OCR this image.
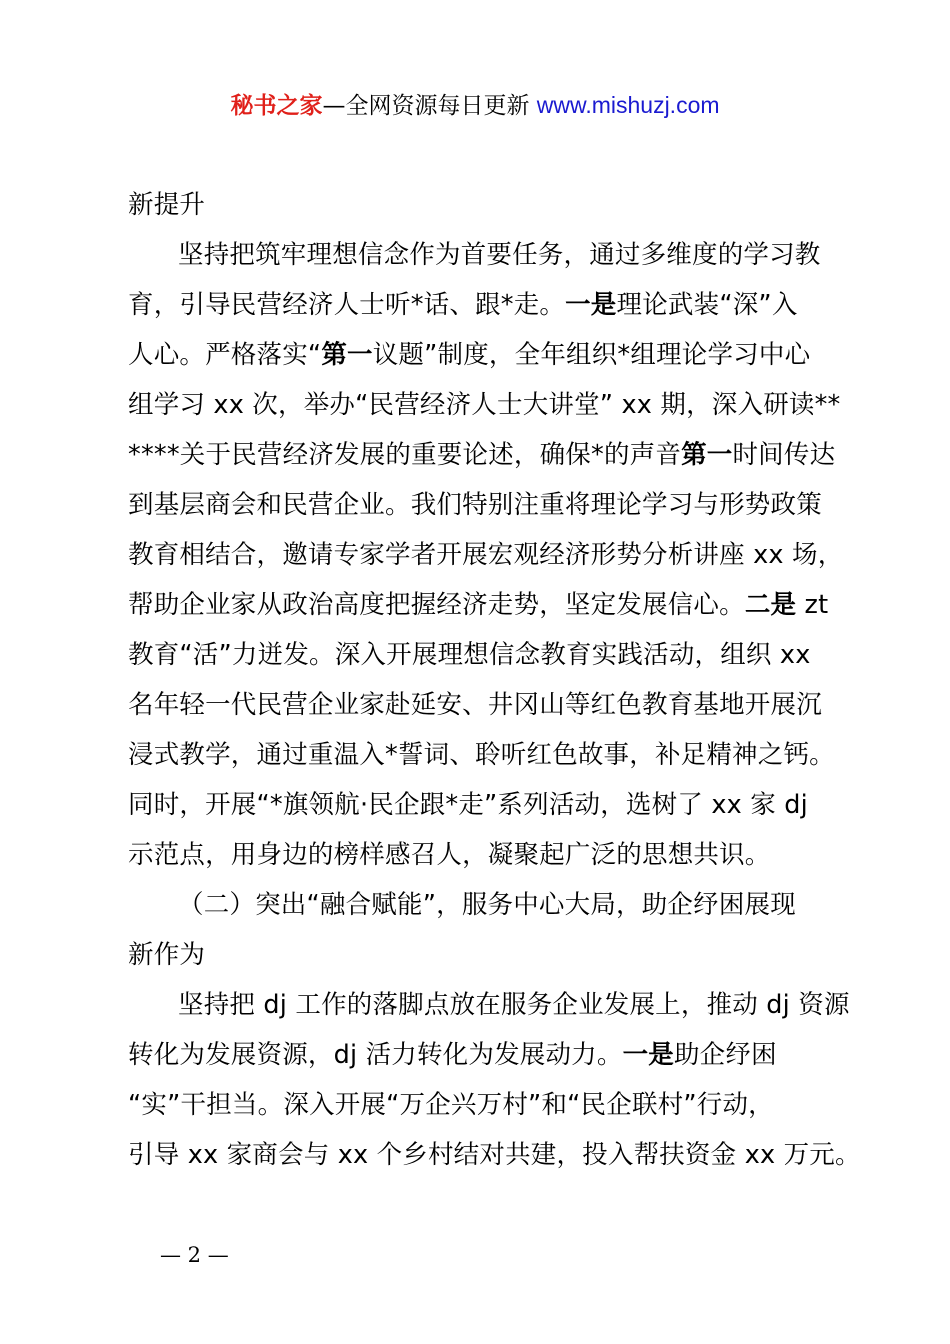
秘书之家—全网资源每日更新 www.mishuzj.com
新提升
坚持把筑牢理想信念作为首要任务，通过多维度的学习教
育，引导民营经济人士听*话、跟*走。一是理论武装“深”入
人心。严格落实“第一议题”制度，全年组织*组理论学习中心
组学习 xx 次，举办“民营经济人士大讲堂” xx 期，深入研读**
****关于民营经济发展的重要论述，确保*的声音第一时间传达
到基层商会和民营企业。我们特别注重将理论学习与形势政策
教育相结合，邀请专家学者开展宏观经济形势分析讲座 xx 场，
帮助企业家从政治高度把握经济走势，坚定发展信心。二是 zt
教育“活”力迸发。深入开展理想信念教育实践活动，组织 xx
名年轻一代民营企业家赴延安、井冈山等红色教育基地开展沉
浸式教学，通过重温入*誓词、聆听红色故事，补足精神之钙。
同时，开展“*旗领航·民企跟*走”系列活动，选树了 xx 家 dj
示范点，用身边的榜样感召人，凝聚起广泛的思想共识。
（二）突出“融合赋能”，服务中心大局，助企纾困展现
新作为
坚持把 dj 工作的落脚点放在服务企业发展上，推动 dj 资源
转化为发展资源，dj 活力转化为发展动力。一是助企纾困
“实”干担当。深入开展“万企兴万村”和“民企联村”行动，
引导 xx 家商会与 xx 个乡村结对共建，投入帮扶资金 xx 万元。
— 2 —
